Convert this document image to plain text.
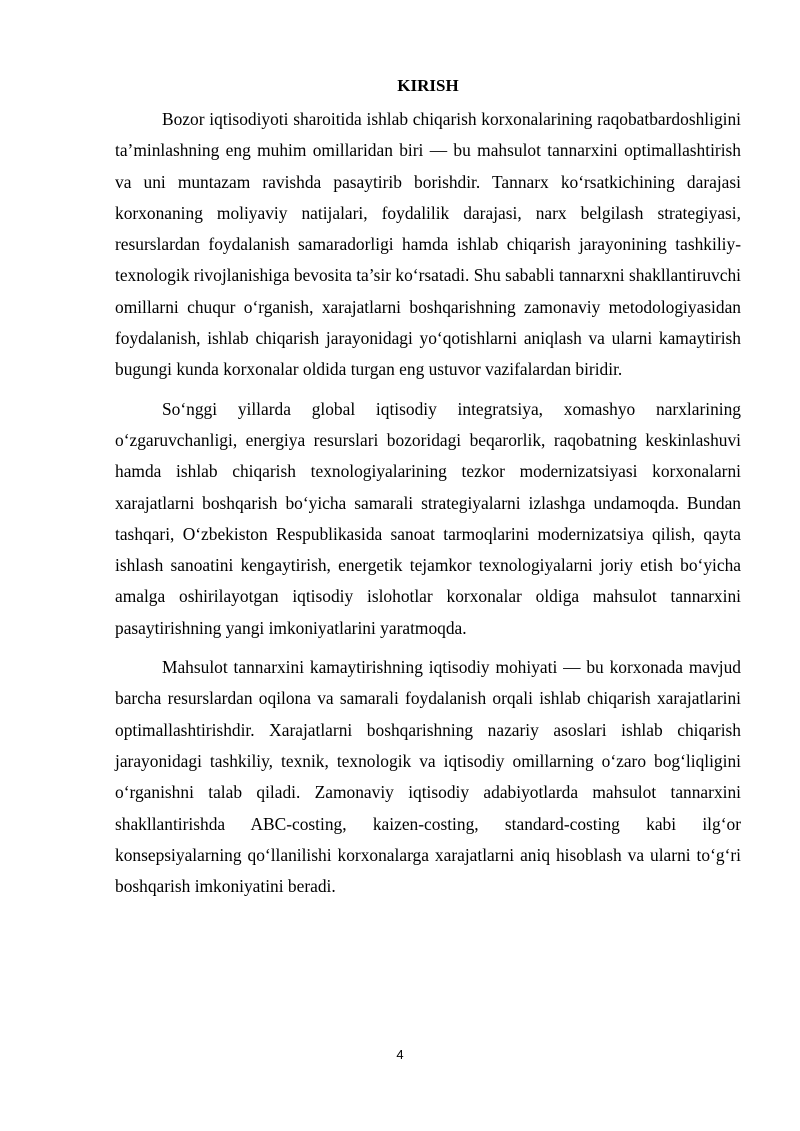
KIRISH

Bozor iqtisodiyoti sharoitida ishlab chiqarish korxonalarining raqobatbardoshligini ta’minlashning eng muhim omillaridan biri — bu mahsulot tannarxini optimallashtirish va uni muntazam ravishda pasaytirib borishdir. Tannarx ko‘rsatkichining darajasi korxonaning moliyaviy natijalari, foydalilik darajasi, narx belgilash strategiyasi, resurslardan foydalanish samaradorligi hamda ishlab chiqarish jarayonining tashkiliy-texnologik rivojlanishiga bevosita ta’sir ko‘rsatadi. Shu sababli tannarxni shakllantiruvchi omillarni chuqur o‘rganish, xarajatlarni boshqarishning zamonaviy metodologiyasidan foydalanish, ishlab chiqarish jarayonidagi yo‘qotishlarni aniqlash va ularni kamaytirish bugungi kunda korxonalar oldida turgan eng ustuvor vazifalardan biridir.

So‘nggi yillarda global iqtisodiy integratsiya, xomashyo narxlarining o‘zgaruvchanligi, energiya resurslari bozoridagi beqarorlik, raqobatning keskinlashuvi hamda ishlab chiqarish texnologiyalarining tezkor modernizatsiyasi korxonalarni xarajatlarni boshqarish bo‘yicha samarali strategiyalarni izlashga undamoqda. Bundan tashqari, O‘zbekiston Respublikasida sanoat tarmoqlarini modernizatsiya qilish, qayta ishlash sanoatini kengaytirish, energetik tejamkor texnologiyalarni joriy etish bo‘yicha amalga oshirilayotgan iqtisodiy islohotlar korxonalar oldiga mahsulot tannarxini pasaytirishning yangi imkoniyatlarini yaratmoqda.

Mahsulot tannarxini kamaytirishning iqtisodiy mohiyati — bu korxonada mavjud barcha resurslardan oqilona va samarali foydalanish orqali ishlab chiqarish xarajatlarini optimallashtirishdir. Xarajatlarni boshqarishning nazariy asoslari ishlab chiqarish jarayonidagi tashkiliy, texnik, texnologik va iqtisodiy omillarning o‘zaro bog‘liqligini o‘rganishni talab qiladi. Zamonaviy iqtisodiy adabiyotlarda mahsulot tannarxini shakllantirishda ABC-costing, kaizen-costing, standard-costing kabi ilg‘or konsepsiyalarning qo‘llanilishi korxonalarga xarajatlarni aniq hisoblash va ularni to‘g‘ri boshqarish imkoniyatini beradi.

4
